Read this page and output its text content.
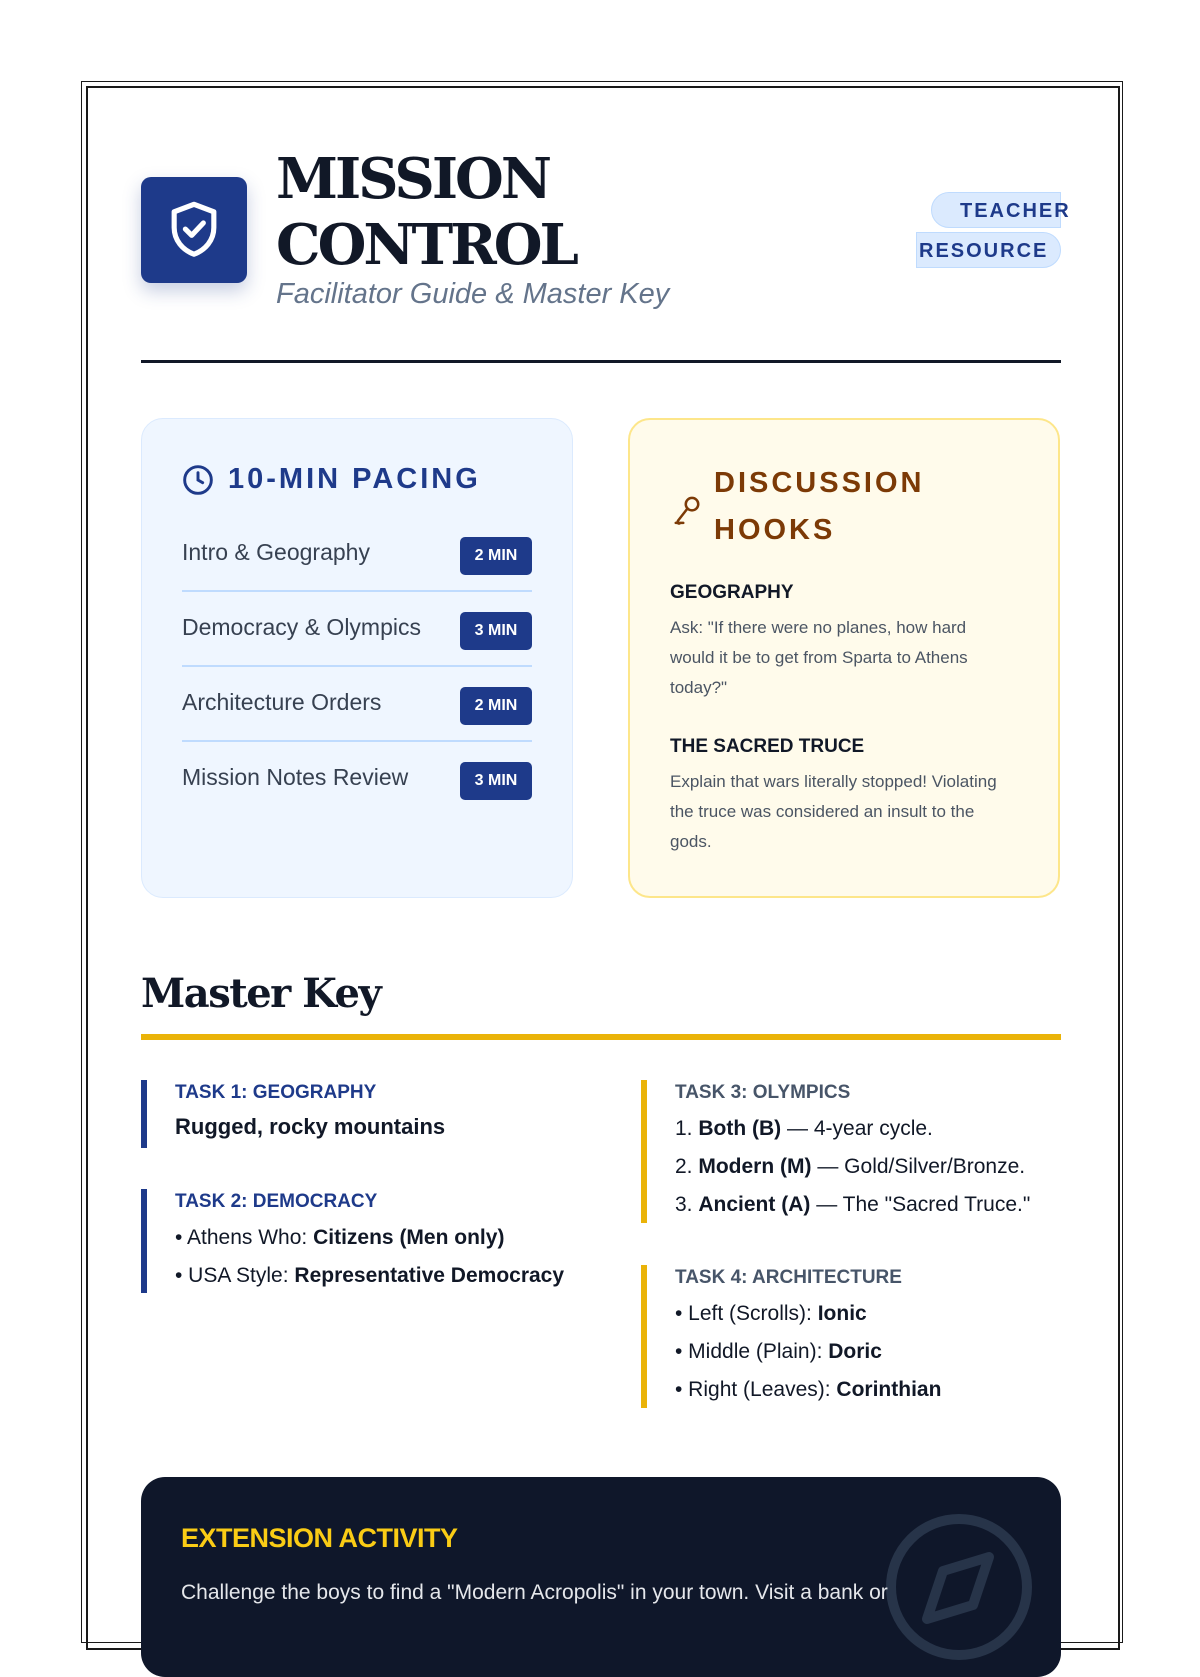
MISSION
CONTROL
Facilitator Guide & Master Key
TEACHER
RESOURCE
10-MIN PACING
Intro & Geography	2 MIN
Democracy & Olympics	3 MIN
Architecture Orders	2 MIN
Mission Notes Review	3 MIN
DISCUSSION
HOOKS
GEOGRAPHY

Ask: "If there were no planes, how hard would it be to get from Sparta to Athens today?"

THE SACRED TRUCE

Explain that wars literally stopped! Violating the truce was considered an insult to the gods.

Master Key
TASK 1: GEOGRAPHY
Rugged, rocky mountains
TASK 2: DEMOCRACY
• Athens Who: Citizens (Men only)
• USA Style: Representative Democracy
TASK 3: OLYMPICS
1. Both (B) — 4-year cycle.
2. Modern (M) — Gold/Silver/Bronze.
3. Ancient (A) — The "Sacred Truce."
TASK 4: ARCHITECTURE
• Left (Scrolls): Ionic
• Middle (Plain): Doric
• Right (Leaves): Corinthian
EXTENSION ACTIVITY
Challenge the boys to find a "Modern Acropolis" in your town. Visit a bank or
